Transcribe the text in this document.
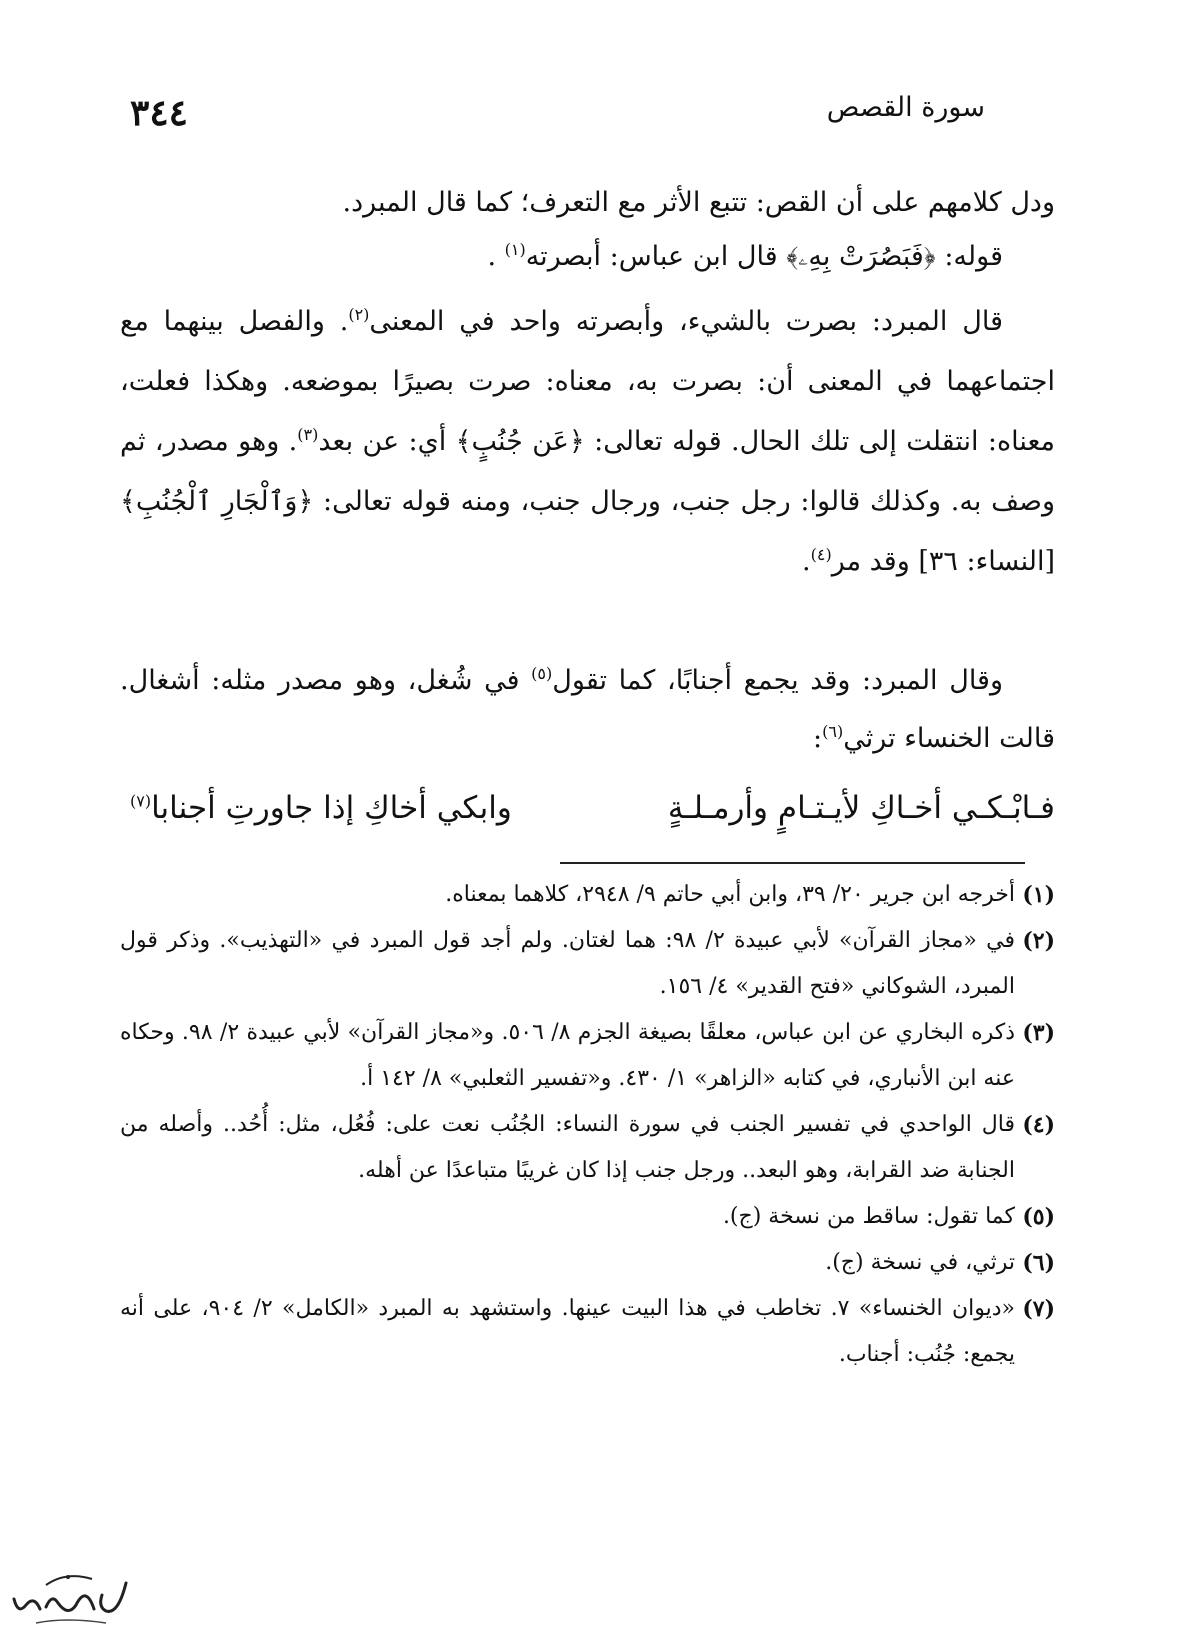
٣٤٤	سورة القصص

ودل كلامهم على أن القص: تتبع الأثر مع التعرف؛ كما قال المبرد.

قوله: ﴿فَبَصُرَتْ بِهِۦ﴾ قال ابن عباس: أبصرته$^{(١)}$ .

قال المبرد: بصرت بالشيء، وأبصرته واحد في المعنى$^{(٢)}$. والفصل بينهما مع اجتماعهما في المعنى أن: بصرت به، معناه: صرت بصيرًا بموضعه. وهكذا فعلت، معناه: انتقلت إلى تلك الحال. قوله تعالى: ﴿عَن جُنُبٍ﴾ أي: عن بعد$^{(٣)}$. وهو مصدر، ثم وصف به. وكذلك قالوا: رجل جنب، ورجال جنب، ومنه قوله تعالى: ﴿وَٱلْجَارِ ٱلْجُنُبِ﴾ [النساء: ٣٦] وقد مر$^{(٤)}$.

وقال المبرد: وقد يجمع أجنابًا، كما تقول$^{(٥)}$ في شُغل، وهو مصدر مثله: أشغال. قالت الخنساء ترثي$^{(٦)}$:

فـابْـكـي أخـاكِ لأيـتـامٍ وأرمـلـةٍ
وابكي أخاكِ إذا جاورتِ أجنابا$^{(٧)}$
(١)
أخرجه ابن جرير ٢٠/ ٣٩، وابن أبي حاتم ٩/ ٢٩٤٨، كلاهما بمعناه.
(٢)
في «مجاز القرآن» لأبي عبيدة ٢/ ٩٨: هما لغتان. ولم أجد قول المبرد في «التهذيب». وذكر قول المبرد، الشوكاني «فتح القدير» ٤/ ١٥٦.
(٣)
ذكره البخاري عن ابن عباس، معلقًا بصيغة الجزم ٨/ ٥٠٦. و«مجاز القرآن» لأبي عبيدة ٢/ ٩٨. وحكاه عنه ابن الأنباري، في كتابه «الزاهر» ١/ ٤٣٠. و«تفسير الثعلبي» ٨/ ١٤٢ أ.
(٤)
قال الواحدي في تفسير الجنب في سورة النساء: الجُنُب نعت على: فُعُل، مثل: أُحُد.. وأصله من الجنابة ضد القرابة، وهو البعد.. ورجل جنب إذا كان غريبًا متباعدًا عن أهله.
(٥)
كما تقول: ساقط من نسخة (ج).
(٦)
ترثي، في نسخة (ج).
(٧)
«ديوان الخنساء» ٧. تخاطب في هذا البيت عينها. واستشهد به المبرد «الكامل» ٢/ ٩٠٤، على أنه يجمع: جُنُب: أجناب.
